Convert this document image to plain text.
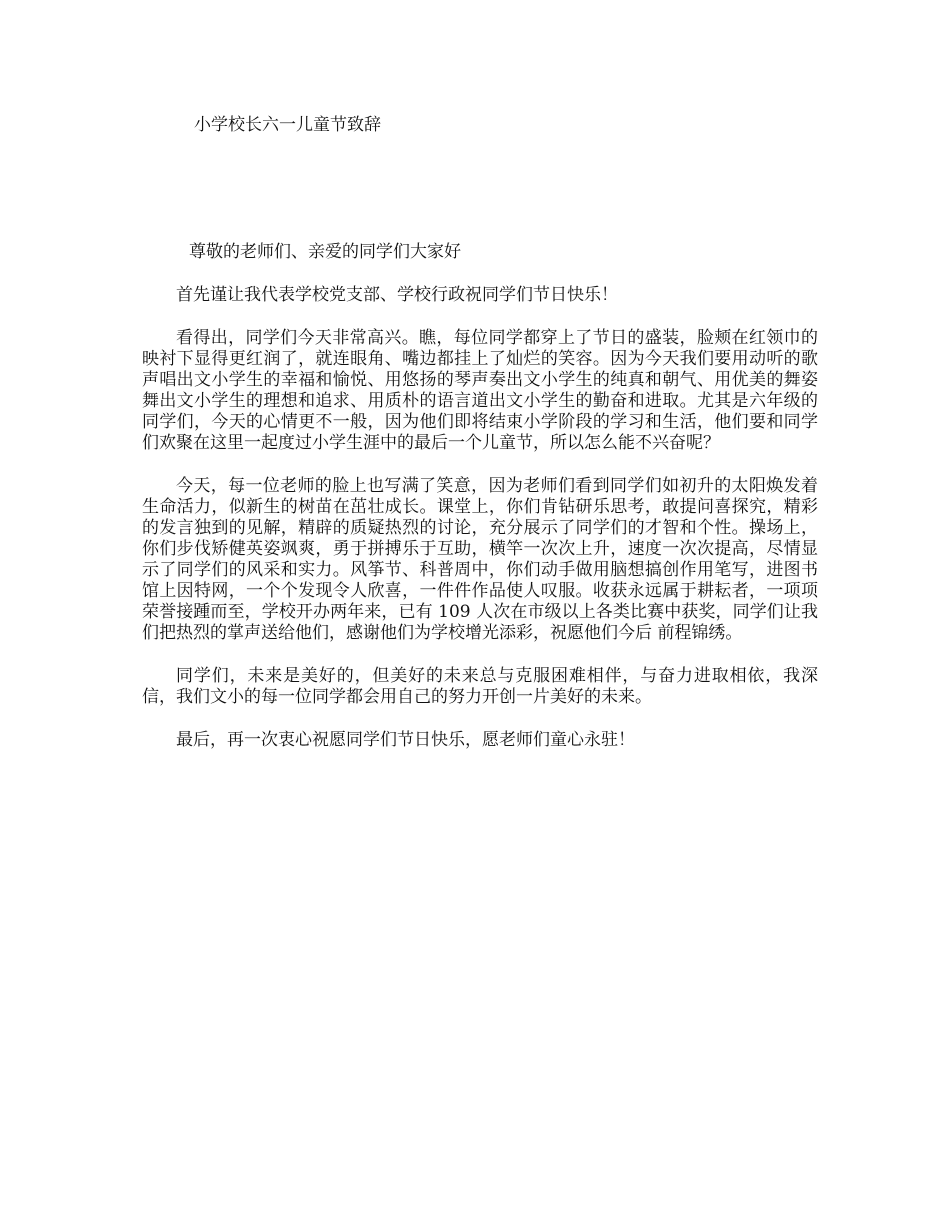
小学校长六一儿童节致辞
尊敬的老师们、亲爱的同学们大家好

首先谨让我代表学校党支部、学校行政祝同学们节日快乐！

看得出，同学们今天非常高兴。瞧，每位同学都穿上了节日的盛装，脸颊在红领巾的映衬下显得更红润了，就连眼角、嘴边都挂上了灿烂的笑容。因为今天我们要用动听的歌声唱出文小学生的幸福和愉悦、用悠扬的琴声奏出文小学生的纯真和朝气、用优美的舞姿舞出文小学生的理想和追求、用质朴的语言道出文小学生的勤奋和进取。尤其是六年级的同学们，今天的心情更不一般，因为他们即将结束小学阶段的学习和生活，他们要和同学们欢聚在这里一起度过小学生涯中的最后一个儿童节，所以怎么能不兴奋呢？

今天，每一位老师的脸上也写满了笑意，因为老师们看到同学们如初升的太阳焕发着生命活力，似新生的树苗在茁壮成长。课堂上，你们肯钻研乐思考，敢提问喜探究，精彩的发言独到的见解，精辟的质疑热烈的讨论，充分展示了同学们的才智和个性。操场上，你们步伐矫健英姿飒爽，勇于拼搏乐于互助，横竿一次次上升，速度一次次提高，尽情显示了同学们的风采和实力。风筝节、科普周中，你们动手做用脑想搞创作用笔写，进图书馆上因特网，一个个发现令人欣喜，一件件作品使人叹服。收获永远属于耕耘者，一项项荣誉接踵而至，学校开办两年来，已有 109 人次在市级以上各类比赛中获奖，同学们让我们把热烈的掌声送给他们，感谢他们为学校增光添彩，祝愿他们今后 前程锦绣。

同学们，未来是美好的，但美好的未来总与克服困难相伴，与奋力进取相依，我深信，我们文小的每一位同学都会用自己的努力开创一片美好的未来。

最后，再一次衷心祝愿同学们节日快乐，愿老师们童心永驻！
